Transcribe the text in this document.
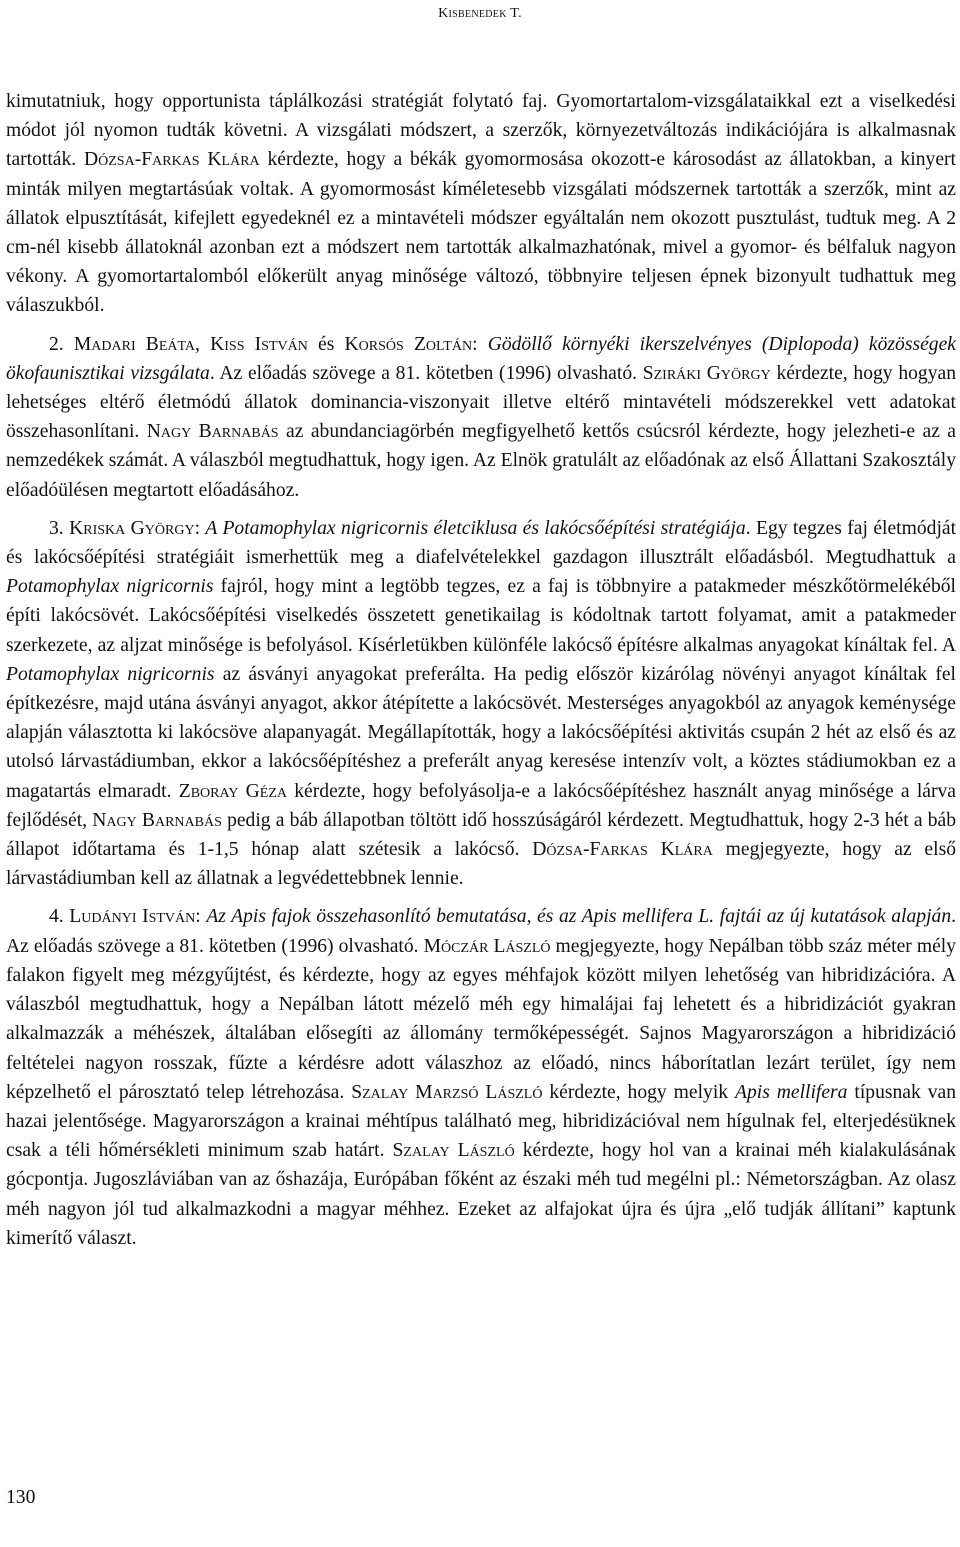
Kisbenedek T.

kimutatniuk, hogy opportunista táplálkozási stratégiát folytató faj. Gyomortartalom-vizsgálataikkal ezt a viselkedési módot jól nyomon tudták követni. A vizsgálati módszert, a szerzők, környezetváltozás indikációjára is alkalmasnak tartották. Dózsa-Farkas Klára kérdezte, hogy a békák gyomormosása okozott-e károsodást az állatokban, a kinyert minták milyen megtartásúak voltak. A gyomormosást kíméletesebb vizsgálati módszernek tartották a szerzők, mint az állatok elpusztítását, kifejlett egyedeknél ez a mintavételi módszer egyáltalán nem okozott pusztulást, tudtuk meg. A 2 cm-nél kisebb állatoknál azonban ezt a módszert nem tartották alkalmazhatónak, mivel a gyomor- és bélfaluk nagyon vékony. A gyomortartalomból előkerült anyag minősége változó, többnyire teljesen épnek bizonyult tudhattuk meg válaszukból.

2. Madari Beáta, Kiss István és Korsós Zoltán: Gödöllő környéki ikerszelvényes (Diplopoda) közösségek ökofaunisztikai vizsgálata. Az előadás szövege a 81. kötetben (1996) olvasható. Sziráki György kérdezte, hogy hogyan lehetséges eltérő életmódú állatok dominancia-viszonyait illetve eltérő mintavételi módszerekkel vett adatokat összehasonlítani. Nagy Barnabás az abundanciagörbén megfigyelhető kettős csúcsról kérdezte, hogy jelezheti-e az a nemzedékek számát. A válaszból megtudhattuk, hogy igen. Az Elnök gratulált az előadónak az első Állattani Szakosztály előadóülésen megtartott előadásához.

3. Kriska György: A Potamophylax nigricornis életciklusa és lakócsőépítési stratégiája. Egy tegzes faj életmódját és lakócsőépítési stratégiáit ismerhettük meg a diafelvételekkel gazdagon illusztrált előadásból. Megtudhattuk a Potamophylax nigricornis fajról, hogy mint a legtöbb tegzes, ez a faj is többnyire a patakmeder mészkőtörmelékéből építi lakócsövét. Lakócsőépítési viselkedés összetett genetikailag is kódoltnak tartott folyamat, amit a patakmeder szerkezete, az aljzat minősége is befolyásol. Kísérletükben különféle lakócső építésre alkalmas anyagokat kínáltak fel. A Potamophylax nigricornis az ásványi anyagokat preferálta. Ha pedig először kizárólag növényi anyagot kínáltak fel építkezésre, majd utána ásványi anyagot, akkor átépítette a lakócsövét. Mesterséges anyagokból az anyagok keménysége alapján választotta ki lakócsöve alapanyagát. Megállapították, hogy a lakócsőépítési aktivitás csupán 2 hét az első és az utolsó lárvastádiumban, ekkor a lakócsőépítéshez a preferált anyag keresése intenzív volt, a köztes stádiumokban ez a magatartás elmaradt. Zboray Géza kérdezte, hogy befolyásolja-e a lakócsőépítéshez használt anyag minősége a lárva fejlődését, Nagy Barnabás pedig a báb állapotban töltött idő hosszúságáról kérdezett. Megtudhattuk, hogy 2-3 hét a báb állapot időtartama és 1-1,5 hónap alatt szétesik a lakócső. Dózsa-Farkas Klára megjegyezte, hogy az első lárvastádiumban kell az állatnak a legvédettebbnek lennie.

4. Ludányi István: Az Apis fajok összehasonlító bemutatása, és az Apis mellifera L. fajtái az új kutatások alapján. Az előadás szövege a 81. kötetben (1996) olvasható. Móczár László megjegyezte, hogy Nepálban több száz méter mély falakon figyelt meg mézgyűjtést, és kérdezte, hogy az egyes méhfajok között milyen lehetőség van hibridizációra. A válaszból megtudhattuk, hogy a Nepálban látott mézelő méh egy himalájai faj lehetett és a hibridizációt gyakran alkalmazzák a méhészek, általában elősegíti az állomány termőképességét. Sajnos Magyarországon a hibridizáció feltételei nagyon rosszak, fűzte a kérdésre adott válaszhoz az előadó, nincs háborítatlan lezárt terület, így nem képzelhető el párosztató telep létrehozása. Szalay Marzsó László kérdezte, hogy melyik Apis mellifera típusnak van hazai jelentősége. Magyarországon a krainai méhtípus található meg, hibridizációval nem hígulnak fel, elterjedésüknek csak a téli hőmérsékleti minimum szab határt. Szalay László kérdezte, hogy hol van a krainai méh kialakulásának gócpontja. Jugoszláviában van az őshazája, Európában főként az északi méh tud megélni pl.: Németországban. Az olasz méh nagyon jól tud alkalmazkodni a magyar méhhez. Ezeket az alfajokat újra és újra „elő tudják állítani” kaptunk kimerítő választ.

130
